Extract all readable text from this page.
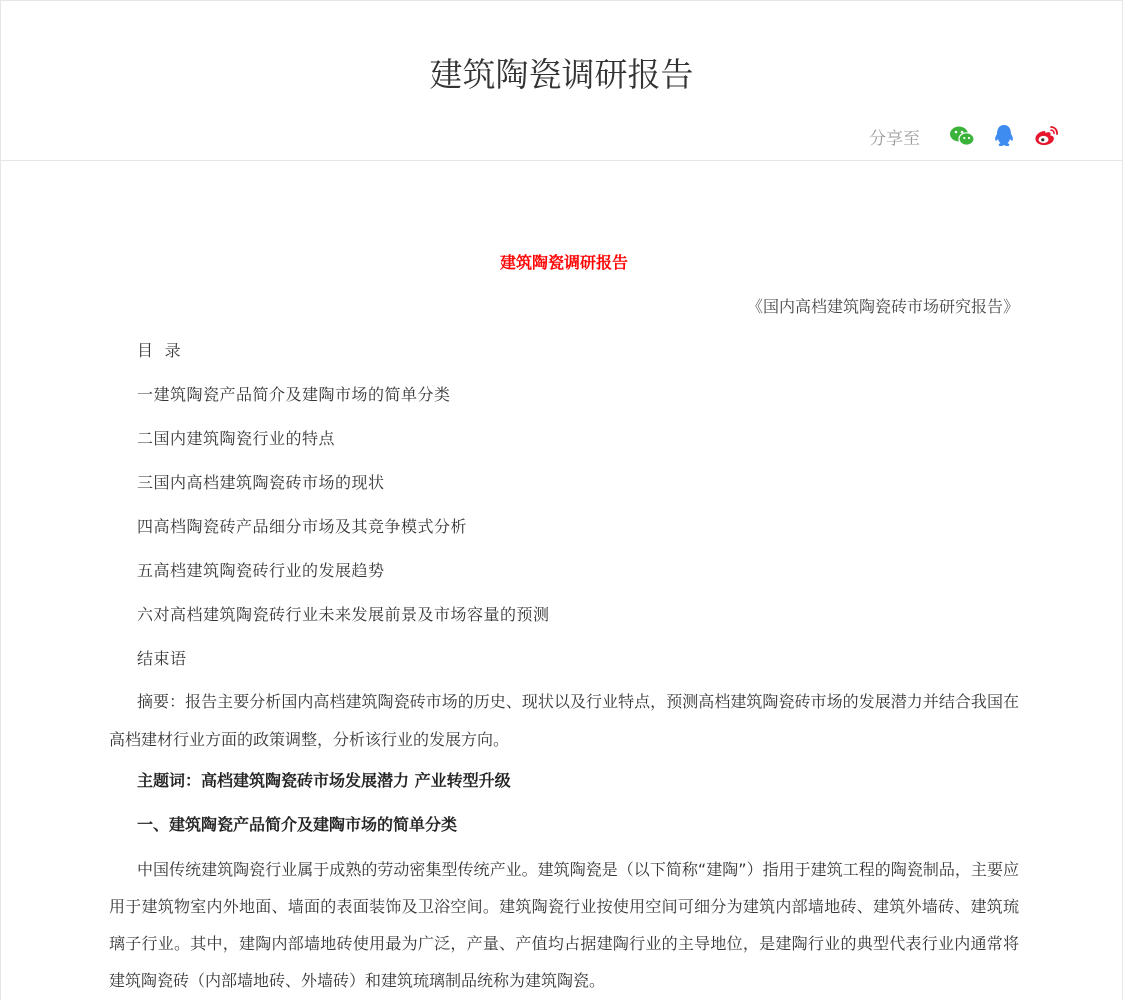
建筑陶瓷调研报告
分享至

建筑陶瓷调研报告

《国内高档建筑陶瓷砖市场研究报告》

目  录

一建筑陶瓷产品简介及建陶市场的简单分类

二国内建筑陶瓷行业的特点

三国内高档建筑陶瓷砖市场的现状

四高档陶瓷砖产品细分市场及其竞争模式分析

五高档建筑陶瓷砖行业的发展趋势

六对高档建筑陶瓷砖行业未来发展前景及市场容量的预测

结束语

摘要：报告主要分析国内高档建筑陶瓷砖市场的历史、现状以及行业特点，预测高档建筑陶瓷砖市场的发展潜力并结合我国在高档建材行业方面的政策调整，分析该行业的发展方向。

主题词：高档建筑陶瓷砖市场发展潜力 产业转型升级

一、建筑陶瓷产品简介及建陶市场的简单分类

中国传统建筑陶瓷行业属于成熟的劳动密集型传统产业。建筑陶瓷是（以下简称“建陶”）指用于建筑工程的陶瓷制品，主要应用于建筑物室内外地面、墙面的表面装饰及卫浴空间。建筑陶瓷行业按使用空间可细分为建筑内部墙地砖、建筑外墙砖、建筑琉璃子行业。其中，建陶内部墙地砖使用最为广泛，产量、产值均占据建陶行业的主导地位，是建陶行业的典型代表行业内通常将建筑陶瓷砖（内部墙地砖、外墙砖）和建筑琉璃制品统称为建筑陶瓷。
